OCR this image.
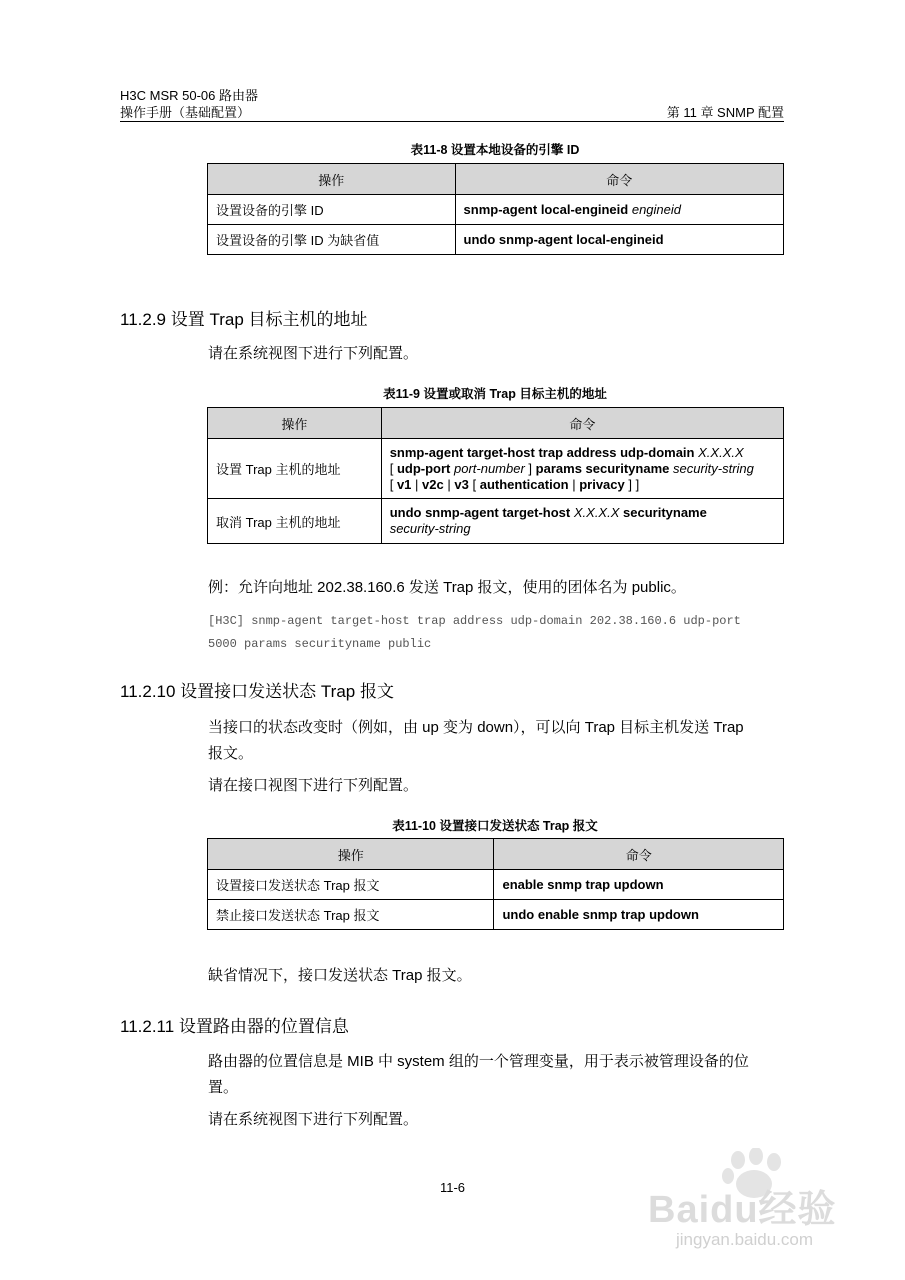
H3C MSR 50-06 路由器
操作手册（基础配置）	第 11 章 SNMP 配置
表11-8 设置本地设备的引擎 ID
操作	命令
设置设备的引擎 ID	snmp-agent local-engineid engineid
设置设备的引擎 ID 为缺省值	undo snmp-agent local-engineid
11.2.9 设置 Trap 目标主机的地址
请在系统视图下进行下列配置。
表11-9 设置或取消 Trap 目标主机的地址
操作	命令
设置 Trap 主机的地址	snmp-agent target-host trap address udp-domain X.X.X.X
[ udp-port port-number ] params securityname security-string
[ v1 | v2c | v3 [ authentication | privacy ] ]

取消 Trap 主机的地址	undo snmp-agent target-host X.X.X.X securityname
security-string
例：允许向地址 202.38.160.6 发送 Trap 报文，使用的团体名为 public。
[H3C] snmp-agent target-host trap address udp-domain 202.38.160.6 udp-port
5000 params securityname public
11.2.10 设置接口发送状态 Trap 报文
当接口的状态改变时（例如，由 up 变为 down），可以向 Trap 目标主机发送 Trap
报文。
请在接口视图下进行下列配置。
表11-10 设置接口发送状态 Trap 报文
操作	命令
设置接口发送状态 Trap 报文	enable snmp trap updown
禁止接口发送状态 Trap 报文	undo enable snmp trap updown
缺省情况下，接口发送状态 Trap 报文。
11.2.11 设置路由器的位置信息
路由器的位置信息是 MIB 中 system 组的一个管理变量，用于表示被管理设备的位
置。
请在系统视图下进行下列配置。
11-6
Baidu经验
jingyan.baidu.com
